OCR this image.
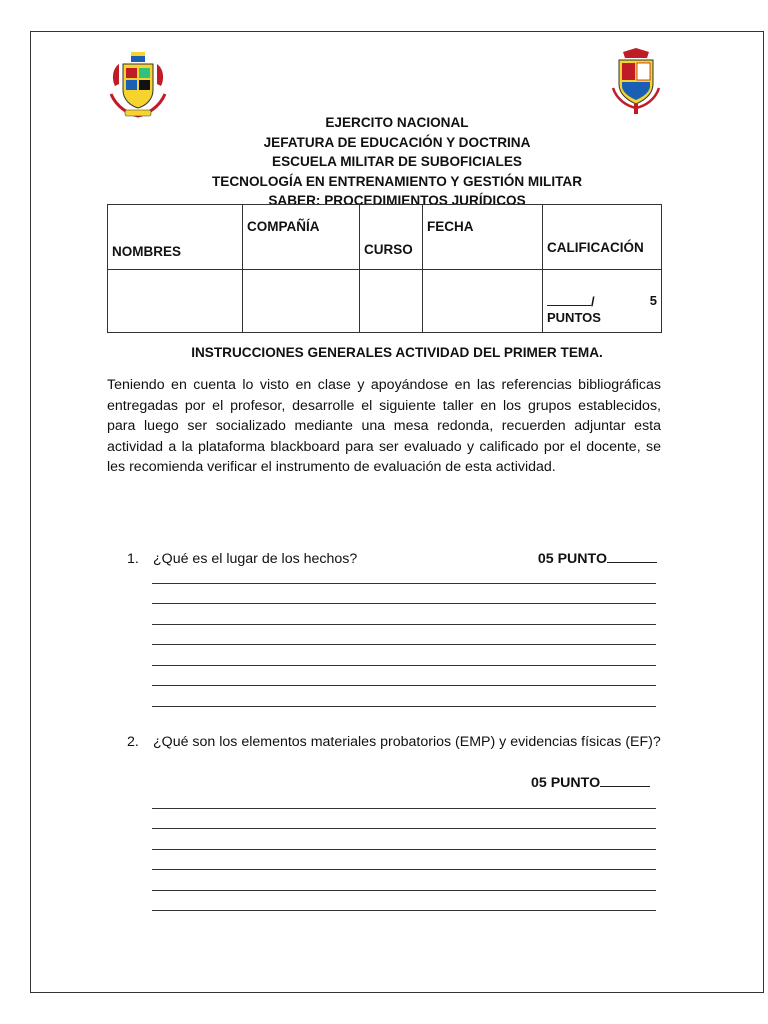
EJERCITO NACIONAL
JEFATURA DE EDUCACIÓN Y DOCTRINA
ESCUELA MILITAR DE SUBOFICIALES
TECNOLOGÍA EN ENTRENAMIENTO Y GESTIÓN MILITAR
SABER: PROCEDIMIENTOS JURÍDICOS
NOMBRES	COMPAÑÍA	CURSO	FECHA	CALIFICACIÓN

				/ 5
PUNTOS
INSTRUCCIONES GENERALES ACTIVIDAD DEL PRIMER TEMA.
Teniendo en cuenta lo visto en clase y apoyándose en las referencias bibliográficas entregadas por el profesor, desarrolle el siguiente taller en los grupos establecidos, para luego ser socializado mediante una mesa redonda, recuerden adjuntar esta actividad a la plataforma blackboard para ser evaluado y calificado por el docente, se les recomienda verificar el instrumento de evaluación de esta actividad.
1. ¿Qué es el lugar de los hechos?	05 PUNTO
2. ¿Qué son los elementos materiales probatorios (EMP) y evidencias físicas (EF)?
05 PUNTO
